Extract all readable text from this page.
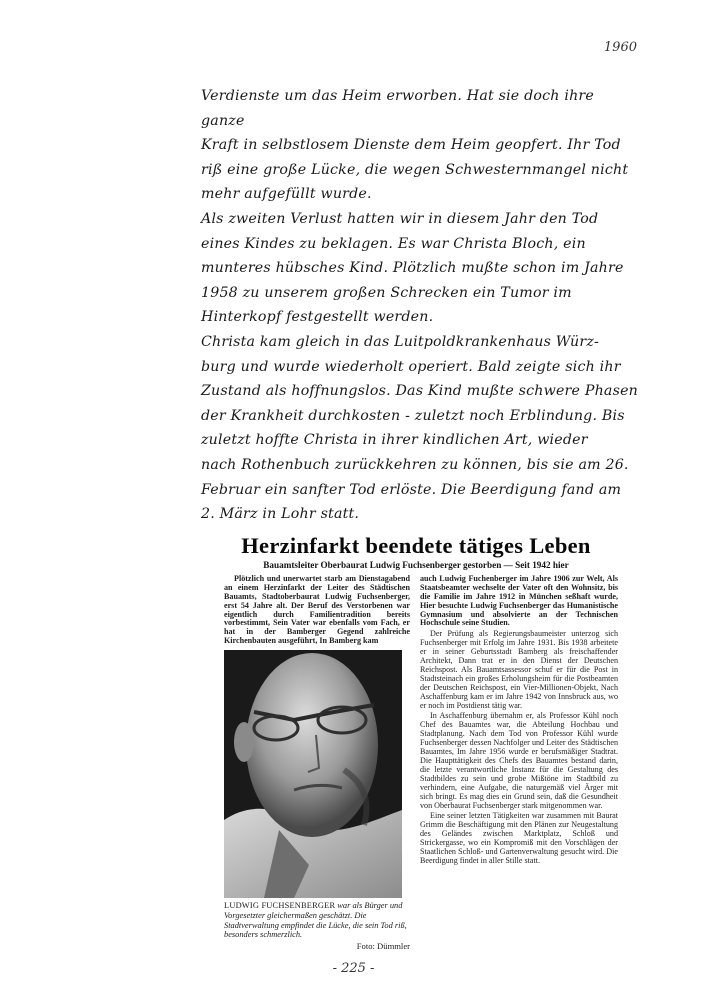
1960
Verdienste um das Heim erworben. Hat sie doch ihre ganze
Kraft in selbstlosem Dienste dem Heim geopfert. Ihr Tod
riß eine große Lücke, die wegen Schwesternmangel nicht
mehr aufgefüllt wurde.
Als zweiten Verlust hatten wir in diesem Jahr den Tod
eines Kindes zu beklagen. Es war Christa Bloch, ein
munteres hübsches Kind. Plötzlich mußte schon im Jahre
1958 zu unserem großen Schrecken ein Tumor im
Hinterkopf festgestellt werden.
Christa kam gleich in das Luitpoldkrankenhaus Würz-
burg und wurde wiederholt operiert. Bald zeigte sich ihr
Zustand als hoffnungslos. Das Kind mußte schwere Phasen
der Krankheit durchkosten - zuletzt noch Erblindung. Bis
zuletzt hoffte Christa in ihrer kindlichen Art, wieder
nach Rothenbuch zurückkehren zu können, bis sie am 26.
Februar ein sanfter Tod erlöste. Die Beerdigung fand am
2. März in Lohr statt.
Herzinfarkt beendete tätiges Leben

Bauamtsleiter Oberbaurat Ludwig Fuchsenberger gestorben — Seit 1942 hier

Plötzlich und unerwartet starb am Dienstagabend an einem Herzinfarkt der Leiter des Städtischen Bauamts, Stadtoberbaurat Ludwig Fuchsenberger, erst 54 Jahre alt. Der Beruf des Verstorbenen war eigentlich durch Familientradition bereits vorbestimmt, Sein Vater war ebenfalls vom Fach, er hat in der Bamberger Gegend zahlreiche Kirchenbauten ausgeführt, In Bamberg kam

LUDWIG FUCHSENBERGER war als Bürger und Vorgesetzter gleichermaßen geschätzt. Die Stadtverwaltung empfindet die Lücke, die sein Tod riß, besonders schmerzlich.
Foto: Dümmler

auch Ludwig Fuchenberger im Jahre 1906 zur Welt, Als Staatsbeamter wechselte der Vater oft den Wohnsitz, bis die Familie im Jahre 1912 in München seßhaft wurde, Hier besuchte Ludwig Fuchsenberger das Humanistische Gymnasium und absolvierte an der Technischen Hochschule seine Studien.

Der Prüfung als Regierungsbaumeister unterzog sich Fuchsenberger mit Erfolg im Jahre 1931. Bis 1938 arbeitete er in seiner Geburtsstadt Bamberg als freischaffender Architekt, Dann trat er in den Dienst der Deutschen Reichspost. Als Bauamtsassessor schuf er für die Post in Stadtsteinach ein großes Erholungsheim für die Postbeamten der Deutschen Reichspost, ein Vier-Millionen-Objekt, Nach Aschaffenburg kam er im Jahre 1942 von Innsbruck aus, wo er noch im Postdienst tätig war.

In Aschaffenburg übernahm er, als Professor Kühl noch Chef des Bauamtes war, die Abteilung Hochbau und Stadtplanung. Nach dem Tod von Professor Kühl wurde Fuchsenberger dessen Nachfolger und Leiter des Städtischen Bauamtes, Im Jahre 1956 wurde er berufsmäßiger Stadtrat. Die Haupttätigkeit des Chefs des Bauamtes bestand darin, die letzte verantwortliche Instanz für die Gestaltung des Stadtbildes zu sein und grobe Mißtöne im Stadtbild zu verhindern, eine Aufgabe, die naturgemäß viel Ärger mit sich bringt. Es mag dies ein Grund sein, daß die Gesundheit von Oberbaurat Fuchsenberger stark mitgenommen war.

Eine seiner letzten Tätigkeiten war zusammen mit Baurat Grimm die Beschäftigung mit den Plänen zur Neugestaltung des Geländes zwischen Marktplatz, Schloß und Strickergasse, wo ein Kompromiß mit den Vorschlägen der Staatlichen Schloß- und Gartenverwaltung gesucht wird. Die Beerdigung findet in aller Stille statt.

- 225 -
